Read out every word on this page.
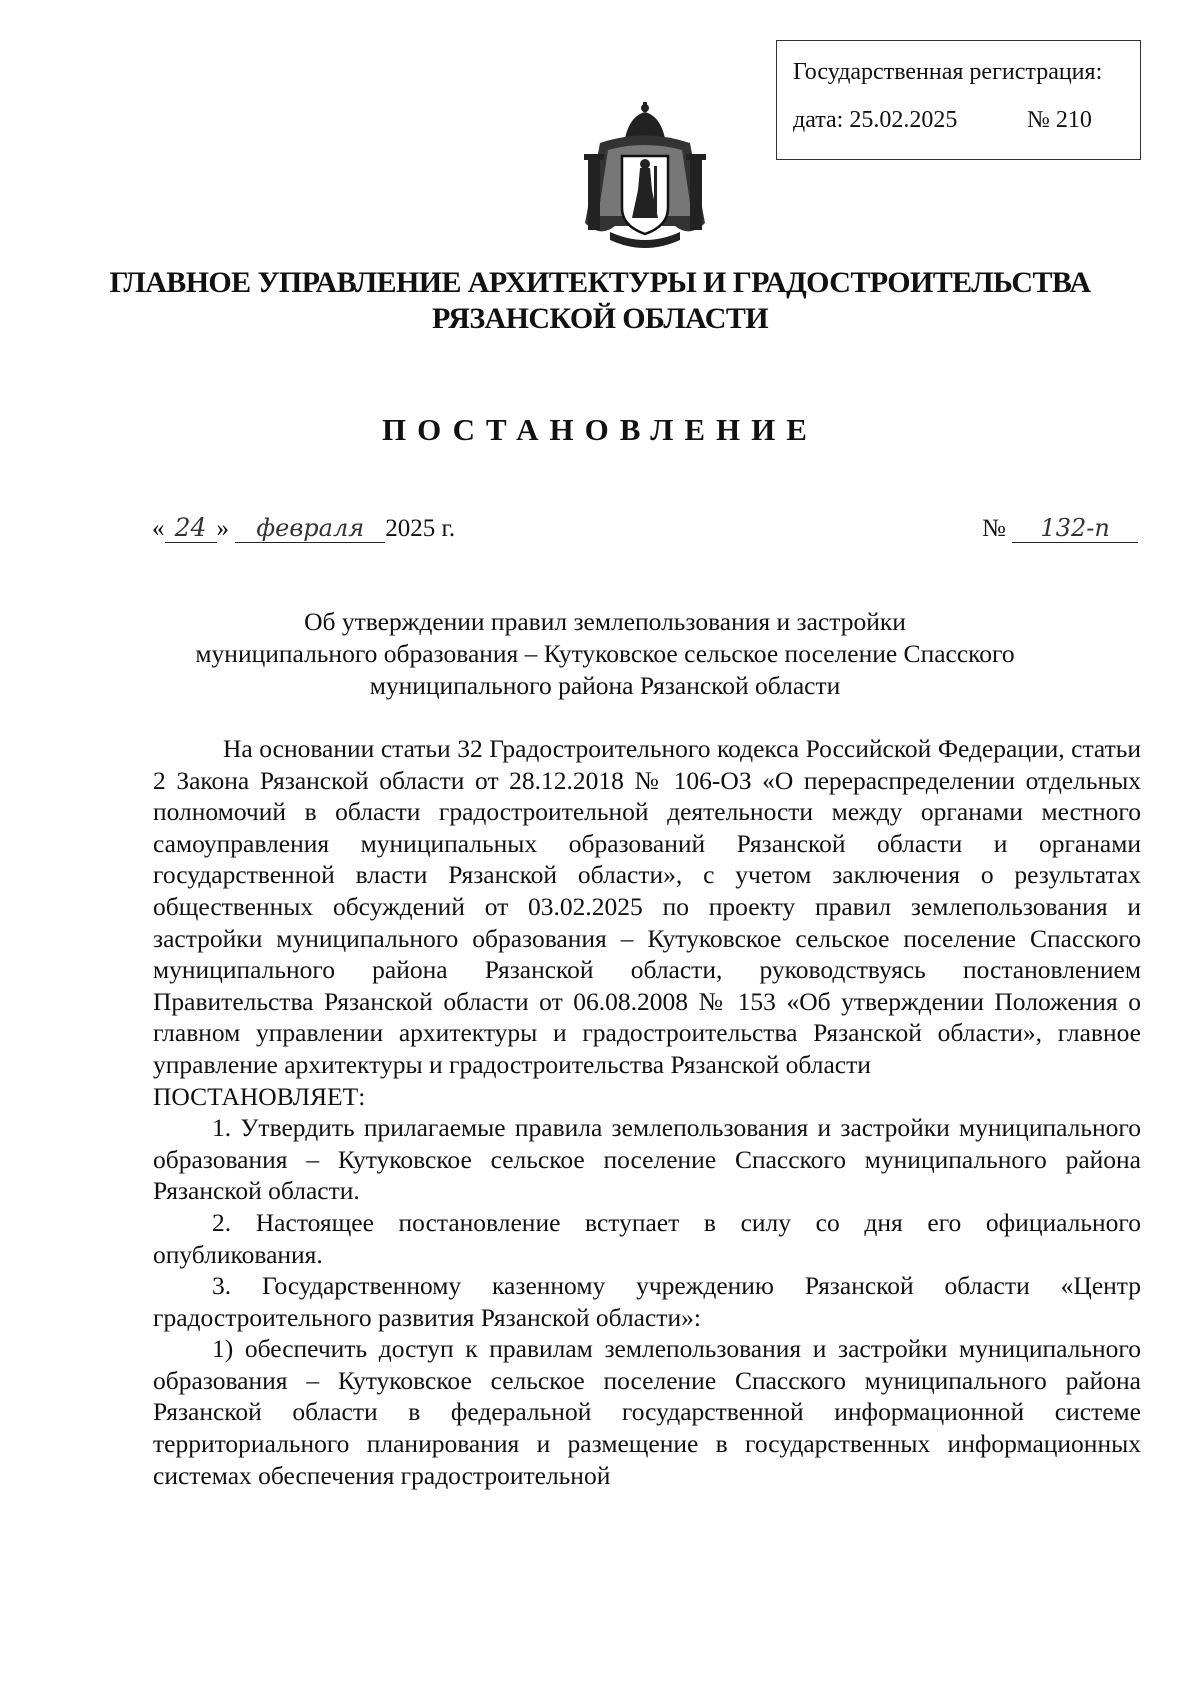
Государственная регистрация:
дата: 25.02.2025	№ 210
ГЛАВНОЕ УПРАВЛЕНИЕ АРХИТЕКТУРЫ И ГРАДОСТРОИТЕЛЬСТВА
РЯЗАНСКОЙ ОБЛАСТИ
ПОСТАНОВЛЕНИЕ
« 24 » февраля 2025 г.	№ 132-п
Об утверждении правил землепользования и застройки
муниципального образования – Кутуковское сельское поселение Спасского
муниципального района Рязанской области

На основании статьи 32 Градостроительного кодекса Российской Федерации, статьи 2 Закона Рязанской области от 28.12.2018 № 106-ОЗ «О перераспределении отдельных полномочий в области градостроительной деятельности между органами местного самоуправления муниципальных образований Рязанской области и органами государственной власти Рязанской области», с учетом заключения о результатах общественных обсуждений от 03.02.2025 по проекту правил землепользования и застройки муниципального образования – Кутуковское сельское поселение Спасского муниципального района Рязанской области, руководствуясь постановлением Правительства Рязанской области от 06.08.2008 № 153 «Об утверждении Положения о главном управлении архитектуры и градостроительства Рязанской области», главное управление архитектуры и градостроительства Рязанской области

ПОСТАНОВЛЯЕТ:

1. Утвердить прилагаемые правила землепользования и застройки муниципального образования – Кутуковское сельское поселение Спасского муниципального района Рязанской области.

2. Настоящее постановление вступает в силу со дня его официального опубликования.

3. Государственному казенному учреждению Рязанской области «Центр градостроительного развития Рязанской области»:

1) обеспечить доступ к правилам землепользования и застройки муниципального образования – Кутуковское сельское поселение Спасского муниципального района Рязанской области в федеральной государственной информационной системе территориального планирования и размещение в государственных информационных системах обеспечения градостроительной
